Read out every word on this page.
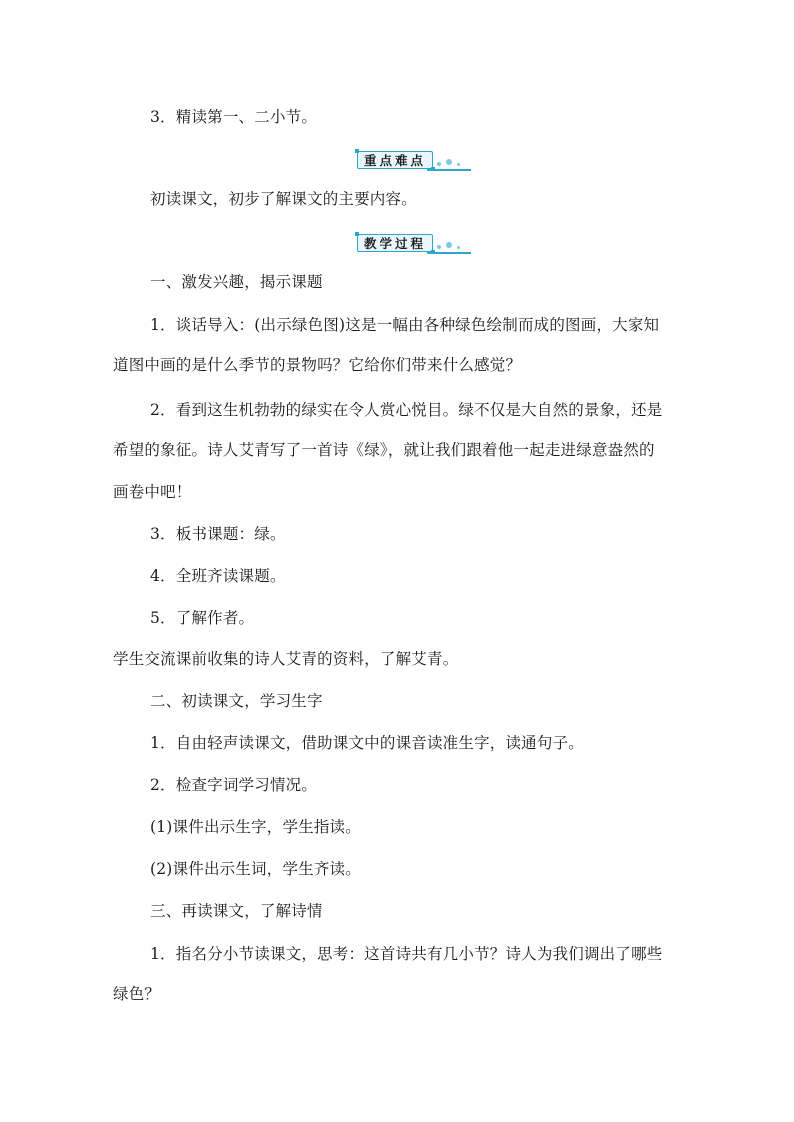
3．精读第一、二小节。
重点难点
初读课文，初步了解课文的主要内容。
教学过程
一、激发兴趣，揭示课题
1．谈话导入：(出示绿色图)这是一幅由各种绿色绘制而成的图画，大家知
道图中画的是什么季节的景物吗？它给你们带来什么感觉？
2．看到这生机勃勃的绿实在令人赏心悦目。绿不仅是大自然的景象，还是
希望的象征。诗人艾青写了一首诗《绿》，就让我们跟着他一起走进绿意盎然的
画卷中吧！
3．板书课题：绿。
4．全班齐读课题。
5．了解作者。
学生交流课前收集的诗人艾青的资料，了解艾青。
二、初读课文，学习生字
1．自由轻声读课文，借助课文中的课音读准生字，读通句子。
2．检查字词学习情况。
(1)课件出示生字，学生指读。
(2)课件出示生词，学生齐读。
三、再读课文，了解诗情
1．指名分小节读课文，思考：这首诗共有几小节？诗人为我们调出了哪些
绿色？
